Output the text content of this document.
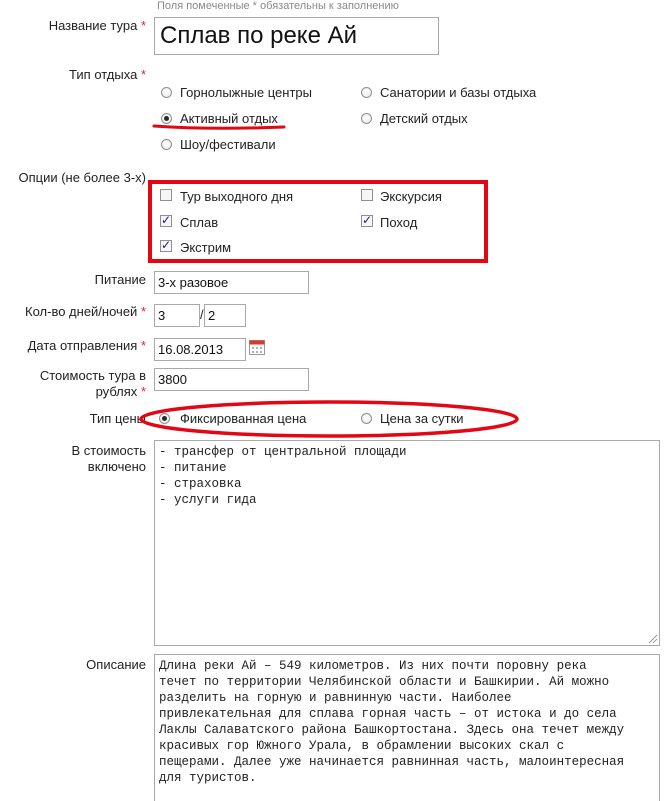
Поля помеченные * обязательны к заполнению
Название тура * Сплав по реке Ай
Тип отдыха *
Горнолыжные центры	Санатории и базы отдыха
Активный отдых	Детский отдых
Шоу/фестивали
Опции (не более 3-х)
Тур выходного дня	Экскурсия
✓
Сплав
✓	Поход
✓
Экстрим
Питание 3-х разовое
Кол-во дней/ночей * 3	/ 2
Дата отправления * 16.08.2013
Стоимость тура в
рублях *
3800
Тип цены	Фиксированная цена	Цена за сутки
В стоимость
включено
- трансфер от центральной площади
- питание
- страховка
- услуги гида
Описание	Длина реки Ай – 549 километров. Из них почти поровну река
течет по территории Челябинской области и Башкирии. Ай можно
разделить на горную и равнинную части. Наиболее
привлекательная для сплава горная часть – от истока и до села
Лаклы Салаватского района Башкортостана. Здесь она течет между
красивых гор Южного Урала, в обрамлении высоких скал с
пещерами. Далее уже начинается равнинная часть, малоинтересная
для туристов.
